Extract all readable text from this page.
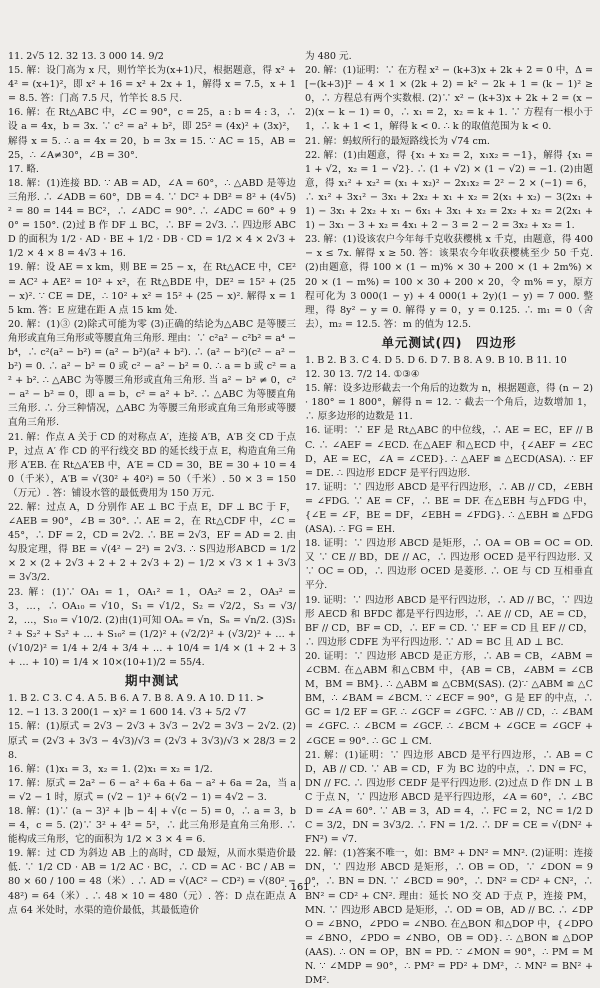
11. 2√5 12. 32 13. 3 000 14. 9/2

15. 解：设门高为 x 尺，则竹竿长为(x+1)尺，根据题意，得 x² + 4² = (x+1)²，即 x² + 16 = x² + 2x + 1，解得 x = 7.5，x + 1 = 8.5. 答：门高 7.5 尺，竹竿长 8.5 尺.

16. 解：在 Rt△ABC 中，∠C = 90°，c = 25，a : b = 4 : 3，∴设 a = 4x，b = 3x. ∵ c² = a² + b²，即 25² = (4x)² + (3x)²，解得 x = 5. ∴ a = 4x = 20，b = 3x = 15. ∵ AC = 15，AB = 25，∴ ∠A≠30°，∠B = 30°.

17. 略.

18. 解：(1)连接 BD. ∵ AB = AD，∠A = 60°，∴ △ABD 是等边三角形. ∴ ∠ADB = 60°，DB = 4. ∵ DC² + DB² = 8² + (4√5)² = 80 = 144 = BC²，∴ ∠ADC = 90°. ∴ ∠ADC = 60° + 90° = 150°. (2)过 B 作 DF ⊥ BC，∴ BF = 2√3. ∴ 四边形 ABCD 的面积为 1/2 · AD · BE + 1/2 · DB · CD = 1/2 × 4 × 2√3 + 1/2 × 4 × 8 = 4√3 + 16.

19. 解：设 AE = x km，则 BE = 25 − x，在 Rt△ACE 中，CE² = AC² + AE² = 10² + x²，在 Rt△BDE 中，DE² = 15² + (25 − x)². ∵ CE = DE，∴ 10² + x² = 15² + (25 − x)². 解得 x = 15 km. 答：E 应建在距 A 点 15 km 处.

20. 解：(1)③ (2)除式可能为零 (3)正确的结论为△ABC 是等腰三角形或直角三角形或等腰直角三角形. 理由：∵ c²a² − c²b² = a⁴ − b⁴，∴ c²(a² − b²) = (a² − b²)(a² + b²). ∴ (a² − b²)(c² − a² − b²) = 0. ∴ a² − b² = 0 或 c² − a² − b² = 0. ∴ a = b 或 c² = a² + b². ∴ △ABC 为等腰三角形或直角三角形. 当 a² − b² ≠ 0，c² − a² − b² = 0，即 a = b，c² = a² + b². ∴ △ABC 为等腰直角三角形. ∴ 分三种情况，△ABC 为等腰三角形或直角三角形或等腰直角三角形.

21. 解：作点 A 关于 CD 的对称点 A′，连接 A′B，A′B 交 CD 于点 P，过点 A′ 作 CD 的平行线交 BD 的延长线于点 E，构造直角三角形 A′EB. 在 Rt△A′EB 中，A′E = CD = 30，BE = 30 + 10 = 40（千米），A′B = √(30² + 40²) = 50（千米）. 50 × 3 = 150（万元）. 答：铺设水管的最低费用为 150 万元.

22. 解：过点 A，D 分别作 AE ⊥ BC 于点 E，DF ⊥ BC 于 F，∠AEB = 90°，∠B = 30°. ∴ AE = 2，在 Rt△CDF 中，∠C = 45°，∴ DF = 2，CD = 2√2. ∴ BE = 2√3，EF = AD = 2. 由勾股定理，得 BE = √(4² − 2²) = 2√3. ∴ S四边形ABCD = 1/2 × 2 × (2 + 2√3 + 2 + 2 + 2√3 + 2) − 1/2 × √3 × 1 + 3√3 = 3√3/2.

23. 解：(1)∵ OA₁ = 1，OA₁² = 1，OA₂² = 2，OA₃² = 3，…，∴ OA₁₀ = √10，S₁ = √1/2，S₂ = √2/2，S₃ = √3/2，…，S₁₀ = √10/2. (2)由(1)可知 OAₙ = √n，Sₙ = √n/2. (3)S₁² + S₂² + S₃² + … + S₁₀² = (1/2)² + (√2/2)² + (√3/2)² + … + (√10/2)² = 1/4 + 2/4 + 3/4 + … + 10/4 = 1/4 × (1 + 2 + 3 + … + 10) = 1/4 × 10×(10+1)/2 = 55/4.

期中测试

1. B 2. C 3. C 4. A 5. B 6. A 7. B 8. A 9. A 10. D 11. >

12. −1 13. 3 200(1 − x)² = 1 600 14. √3 + 5/2 √7

15. 解：(1)原式 = 2√3 − 2√3 + 3√3 − 2√2 = 3√3 − 2√2. (2)原式 = (2√3 + 3√3 − 4√3)/√3 = (2√3 + 3√3)/√3 × 28/3 = 28.

16. 解：(1)x₁ = 3，x₂ = 1. (2)x₁ = x₂ = 1/2.

17. 解：原式 = 2a² − 6 − a² + 6a + 6a − a² + 6a = 2a，当 a = √2 − 1 时，原式 = (√2 − 1)² + 6(√2 − 1) = 4√2 − 3.

18. 解：(1)∵ (a − 3)² + |b − 4| + √(c − 5) = 0，∴ a = 3，b = 4，c = 5. (2)∵ 3² + 4² = 5²，∴ 此三角形是直角三角形. ∴ 能构成三角形，它的面积为 1/2 × 3 × 4 = 6.

19. 解：过 CD 为斜边 AB 上的高时，CD 最短，从而水渠造价最低. ∵ 1/2 CD · AB = 1/2 AC · BC，∴ CD = AC · BC / AB = 80 × 60 / 100 = 48（米）. ∴ AD = √(AC² − CD²) = √(80² − 48²) = 64（米）. ∴ 48 × 10 = 480（元）. 答：D 点在距点 A 点 64 米处时，水渠的造价最低，其最低造价

为 480 元.

20. 解：(1)证明：∵ 在方程 x² − (k+3)x + 2k + 2 = 0 中，Δ = [−(k+3)]² − 4 × 1 × (2k + 2) = k² − 2k + 1 = (k − 1)² ≥ 0，∴ 方程总有两个实数根. (2)∵ x² − (k+3)x + 2k + 2 = (x − 2)(x − k − 1) = 0，∴ x₁ = 2，x₂ = k + 1. ∵ 方程有一根小于 1，∴ k + 1 < 1，解得 k < 0. ∴ k 的取值范围为 k < 0.

21. 解：蚂蚁所行的最短路线长为 √74 cm.

22. 解：(1)由题意，得 {x₁ + x₂ = 2，x₁x₂ = −1}，解得 {x₁ = 1 + √2，x₂ = 1 − √2}. ∴ (1 + √2) × (1 − √2) = −1. (2)由题意，得 x₁² + x₂² = (x₁ + x₂)² − 2x₁x₂ = 2² − 2 × (−1) = 6，∴ x₁² + 3x₁² − 3x₁ + 2x₂ + x₁ + x₂ = 2(x₁ + x₂) − 3(2x₁ + 1) − 3x₁ + 2x₂ + x₁ − 6x₁ + 3x₁ + x₂ = 2x₂ + x₂ = 2(2x₁ + 1) − 3x₁ − 3 + x₂ = 4x₁ + 2 − 3 = 2 − 2 = 3x₂ + x₂ = 1.

23. 解：(1)设该农户今年每千克收获樱桃 x 千克，由题意，得 400 − x ≤ 7x. 解得 x ≥ 50. 答：该果农今年收获樱桃至少 50 千克. (2)由题意，得 100 × (1 − m)% × 30 + 200 × (1 + 2m%) × 20 × (1 − m%) = 100 × 30 + 200 × 20，令 m% = y，原方程可化为 3 000(1 − y) + 4 000(1 + 2y)(1 − y) = 7 000. 整理，得 8y² − y = 0. 解得 y = 0，y = 0.125. ∴ m₁ = 0（舍去），m₂ = 12.5. 答：m 的值为 12.5.

单元测试(四)　四边形

1. B 2. B 3. C 4. D 5. D 6. D 7. B 8. A 9. B 10. B 11. 10

12. 30 13. 7/2 14. ①③④

15. 解：设多边形截去一个角后的边数为 n，根据题意，得 (n − 2) · 180° = 1 800°，解得 n = 12. ∵ 截去一个角后，边数增加 1，∴ 原多边形的边数是 11.

16. 证明：∵ EF 是 Rt△ABC 的中位线，∴ AE = EC，EF // BC. ∴ ∠AEF = ∠ECD. 在△AEF 和△ECD 中，{∠AEF = ∠ECD，AE = EC，∠A = ∠CED}. ∴ △AEF ≌ △ECD(ASA). ∴ EF = DE. ∴ 四边形 EDCF 是平行四边形.

17. 证明：∵ 四边形 ABCD 是平行四边形，∴ AB // CD，∠EBH = ∠FDG. ∵ AE = CF，∴ BE = DF. 在△EBH 与△FDG 中，{∠E = ∠F，BE = DF，∠EBH = ∠FDG}. ∴ △EBH ≌ △FDG(ASA). ∴ FG = EH.

18. 证明：∵ 四边形 ABCD 是矩形，∴ OA = OB = OC = OD. 又 ∵ CE // BD，DE // AC，∴ 四边形 OCED 是平行四边形. 又 ∵ OC = OD，∴ 四边形 OCED 是菱形. ∴ OE 与 CD 互相垂直平分.

19. 证明：∵ 四边形 ABCD 是平行四边形，∴ AD // BC，∵ 四边形 AECD 和 BFDC 都是平行四边形，∴ AE // CD，AE = CD，BF // CD，BF = CD，∴ EF = CD. ∵ EF = CD 且 EF // CD，∴ 四边形 CDFE 为平行四边形. ∵ AD = BC 且 AD ⊥ BC.

20. 证明：∵ 四边形 ABCD 是正方形，∴ AB = CB，∠ABM = ∠CBM. 在△ABM 和△CBM 中，{AB = CB，∠ABM = ∠CBM，BM = BM}. ∴ △ABM ≌ △CBM(SAS). (2)∵ △ABM ≌ △CBM，∴ ∠BAM = ∠BCM. ∵ ∠ECF = 90°，G 是 EF 的中点，∴ GC = 1/2 EF = GF. ∴ ∠GCF = ∠GFC. ∵ AB // CD，∴ ∠BAM = ∠GFC. ∴ ∠BCM = ∠GCF. ∴ ∠BCM + ∠GCE = ∠GCF + ∠GCE = 90°. ∴ GC ⊥ CM.

21. 解：(1)证明：∵ 四边形 ABCD 是平行四边形，∴ AB = CD，AB // CD. ∵ AB = CD，F 为 BC 边的中点，∴ DN = FC，DN // FC. ∴ 四边形 CEDF 是平行四边形. (2)过点 D 作 DN ⊥ BC 于点 N，∵ 四边形 ABCD 是平行四边形，∠A = 60°，∴ ∠BCD = ∠A = 60°. ∵ AB = 3，AD = 4，∴ FC = 2，NC = 1/2 DC = 3/2，DN = 3√3/2. ∴ FN = 1/2. ∴ DF = CE = √(DN² + FN²) = √7.

22. 解：(1)答案不唯一，如：BM² + DN² = MN². (2)证明：连接 DN，∵ 四边形 ABCD 是矩形，∴ OB = OD，∵ ∠DON = 90°，∴ BN = DN. ∵ ∠BCD = 90°，∴ DN² = CD² + CN²，∴ BN² = CD² + CN². 理由：延长 NO 交 AD 于点 P，连接 PM，MN. ∵ 四边形 ABCD 是矩形，∴ OD = OB，AD // BC. ∴ ∠DPO = ∠BNO，∠PDO = ∠NBO. 在△BON 和△DOP 中，{∠DPO = ∠BNO，∠PDO = ∠NBO，OB = OD}. ∴ △BON ≌ △DOP(AAS). ∴ ON = OP，BN = PD. ∵ ∠MON = 90°，∴ PM = MN. ∵ ∠MDP = 90°，∴ PM² = PD² + DM²，∴ MN² = BN² + DM².

· 161 ·
